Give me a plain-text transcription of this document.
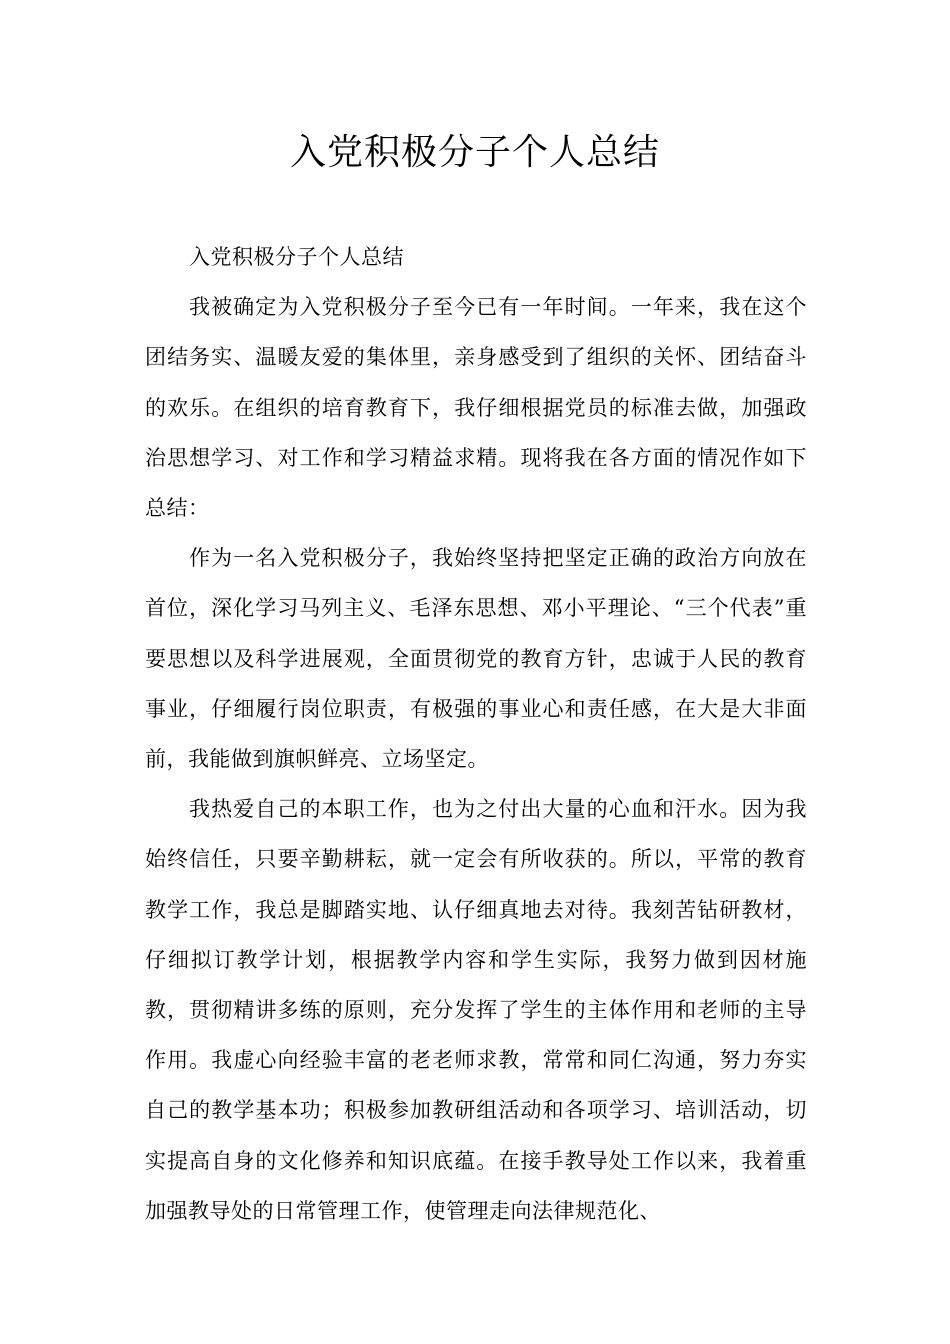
入党积极分子个人总结

入党积极分子个人总结

我被确定为入党积极分子至今已有一年时间。一年来，我在这个团结务实、温暖友爱的集体里，亲身感受到了组织的关怀、团结奋斗的欢乐。在组织的培育教育下，我仔细根据党员的标准去做，加强政治思想学习、对工作和学习精益求精。现将我在各方面的情况作如下总结：

作为一名入党积极分子，我始终坚持把坚定正确的政治方向放在首位，深化学习马列主义、毛泽东思想、邓小平理论、“三个代表”重要思想以及科学进展观，全面贯彻党的教育方针，忠诚于人民的教育事业，仔细履行岗位职责，有极强的事业心和责任感，在大是大非面前，我能做到旗帜鲜亮、立场坚定。

我热爱自己的本职工作，也为之付出大量的心血和汗水。因为我始终信任，只要辛勤耕耘，就一定会有所收获的。所以，平常的教育教学工作，我总是脚踏实地、认仔细真地去对待。我刻苦钻研教材，仔细拟订教学计划，根据教学内容和学生实际，我努力做到因材施教，贯彻精讲多练的原则，充分发挥了学生的主体作用和老师的主导作用。我虚心向经验丰富的老老师求教，常常和同仁沟通，努力夯实自己的教学基本功；积极参加教研组活动和各项学习、培训活动，切实提高自身的文化修养和知识底蕴。在接手教导处工作以来，我着重加强教导处的日常管理工作，使管理走向法律规范化、
